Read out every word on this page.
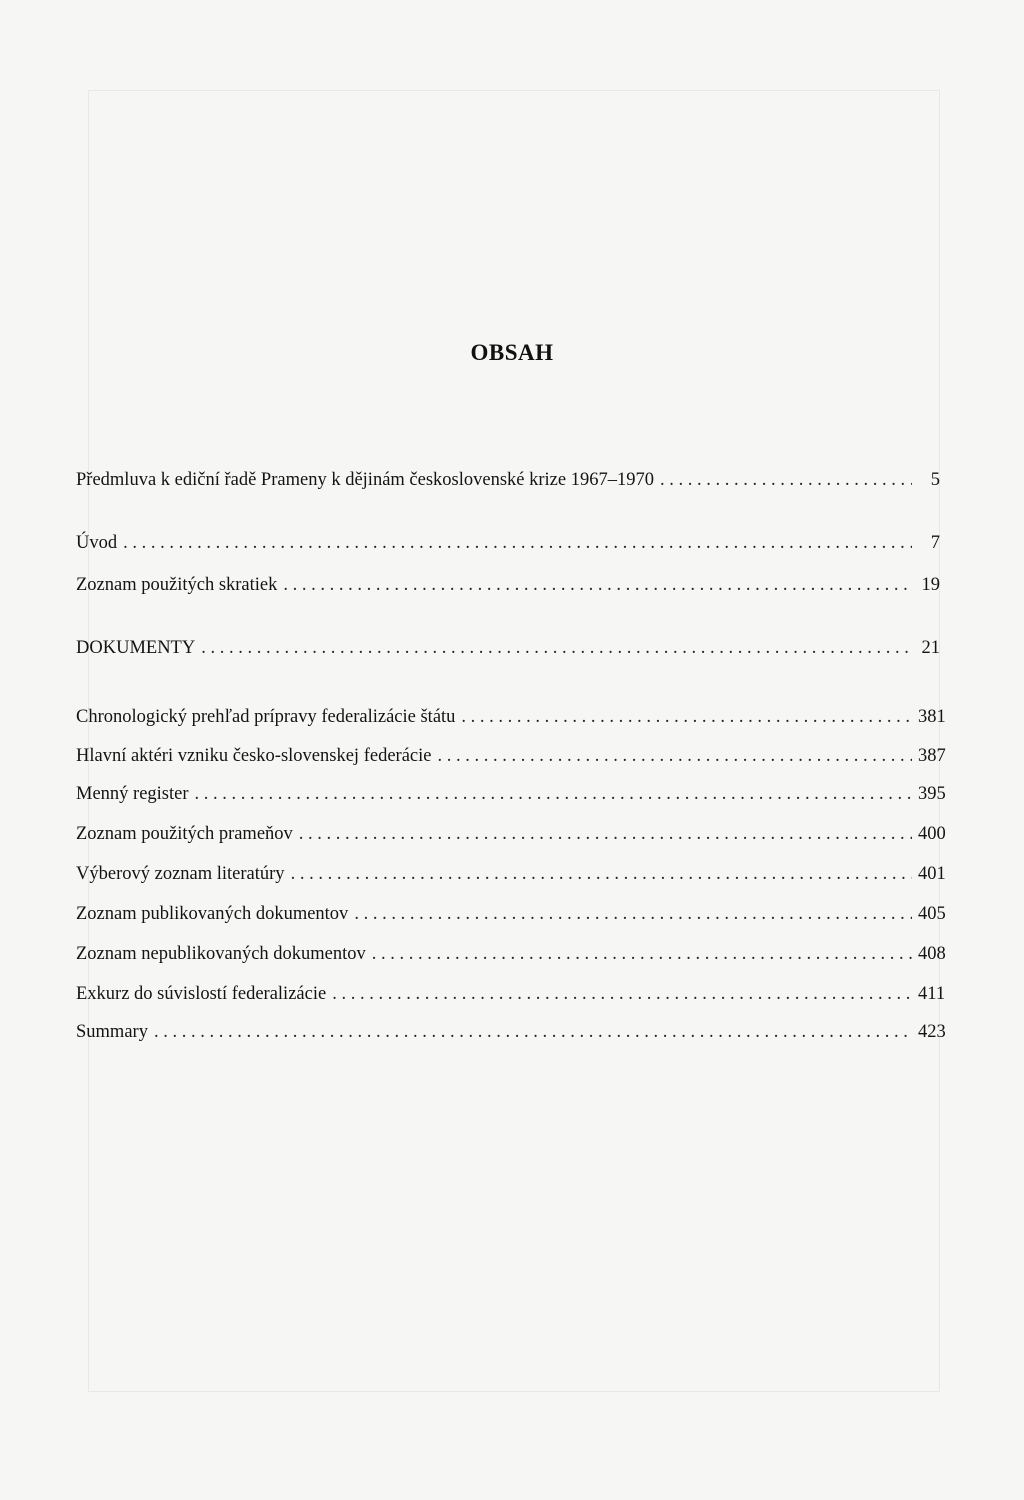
OBSAH
Předmluva k ediční řadě Prameny k dějinám československé krize 1967–1970 . . .	5
Úvod . . .	7
Zoznam použitých skratiek . . .	19
DOKUMENTY . . .	21
Chronologický prehľad prípravy federalizácie štátu . . .	381
Hlavní aktéri vzniku česko-slovenskej federácie . . .	387
Menný register . . .	395
Zoznam použitých prameňov . . .	400
Výberový zoznam literatúry . . .	401
Zoznam publikovaných dokumentov . . .	405
Zoznam nepublikovaných dokumentov . . .	408
Exkurz do súvislostí federalizácie . . .	411
Summary . . .	423
